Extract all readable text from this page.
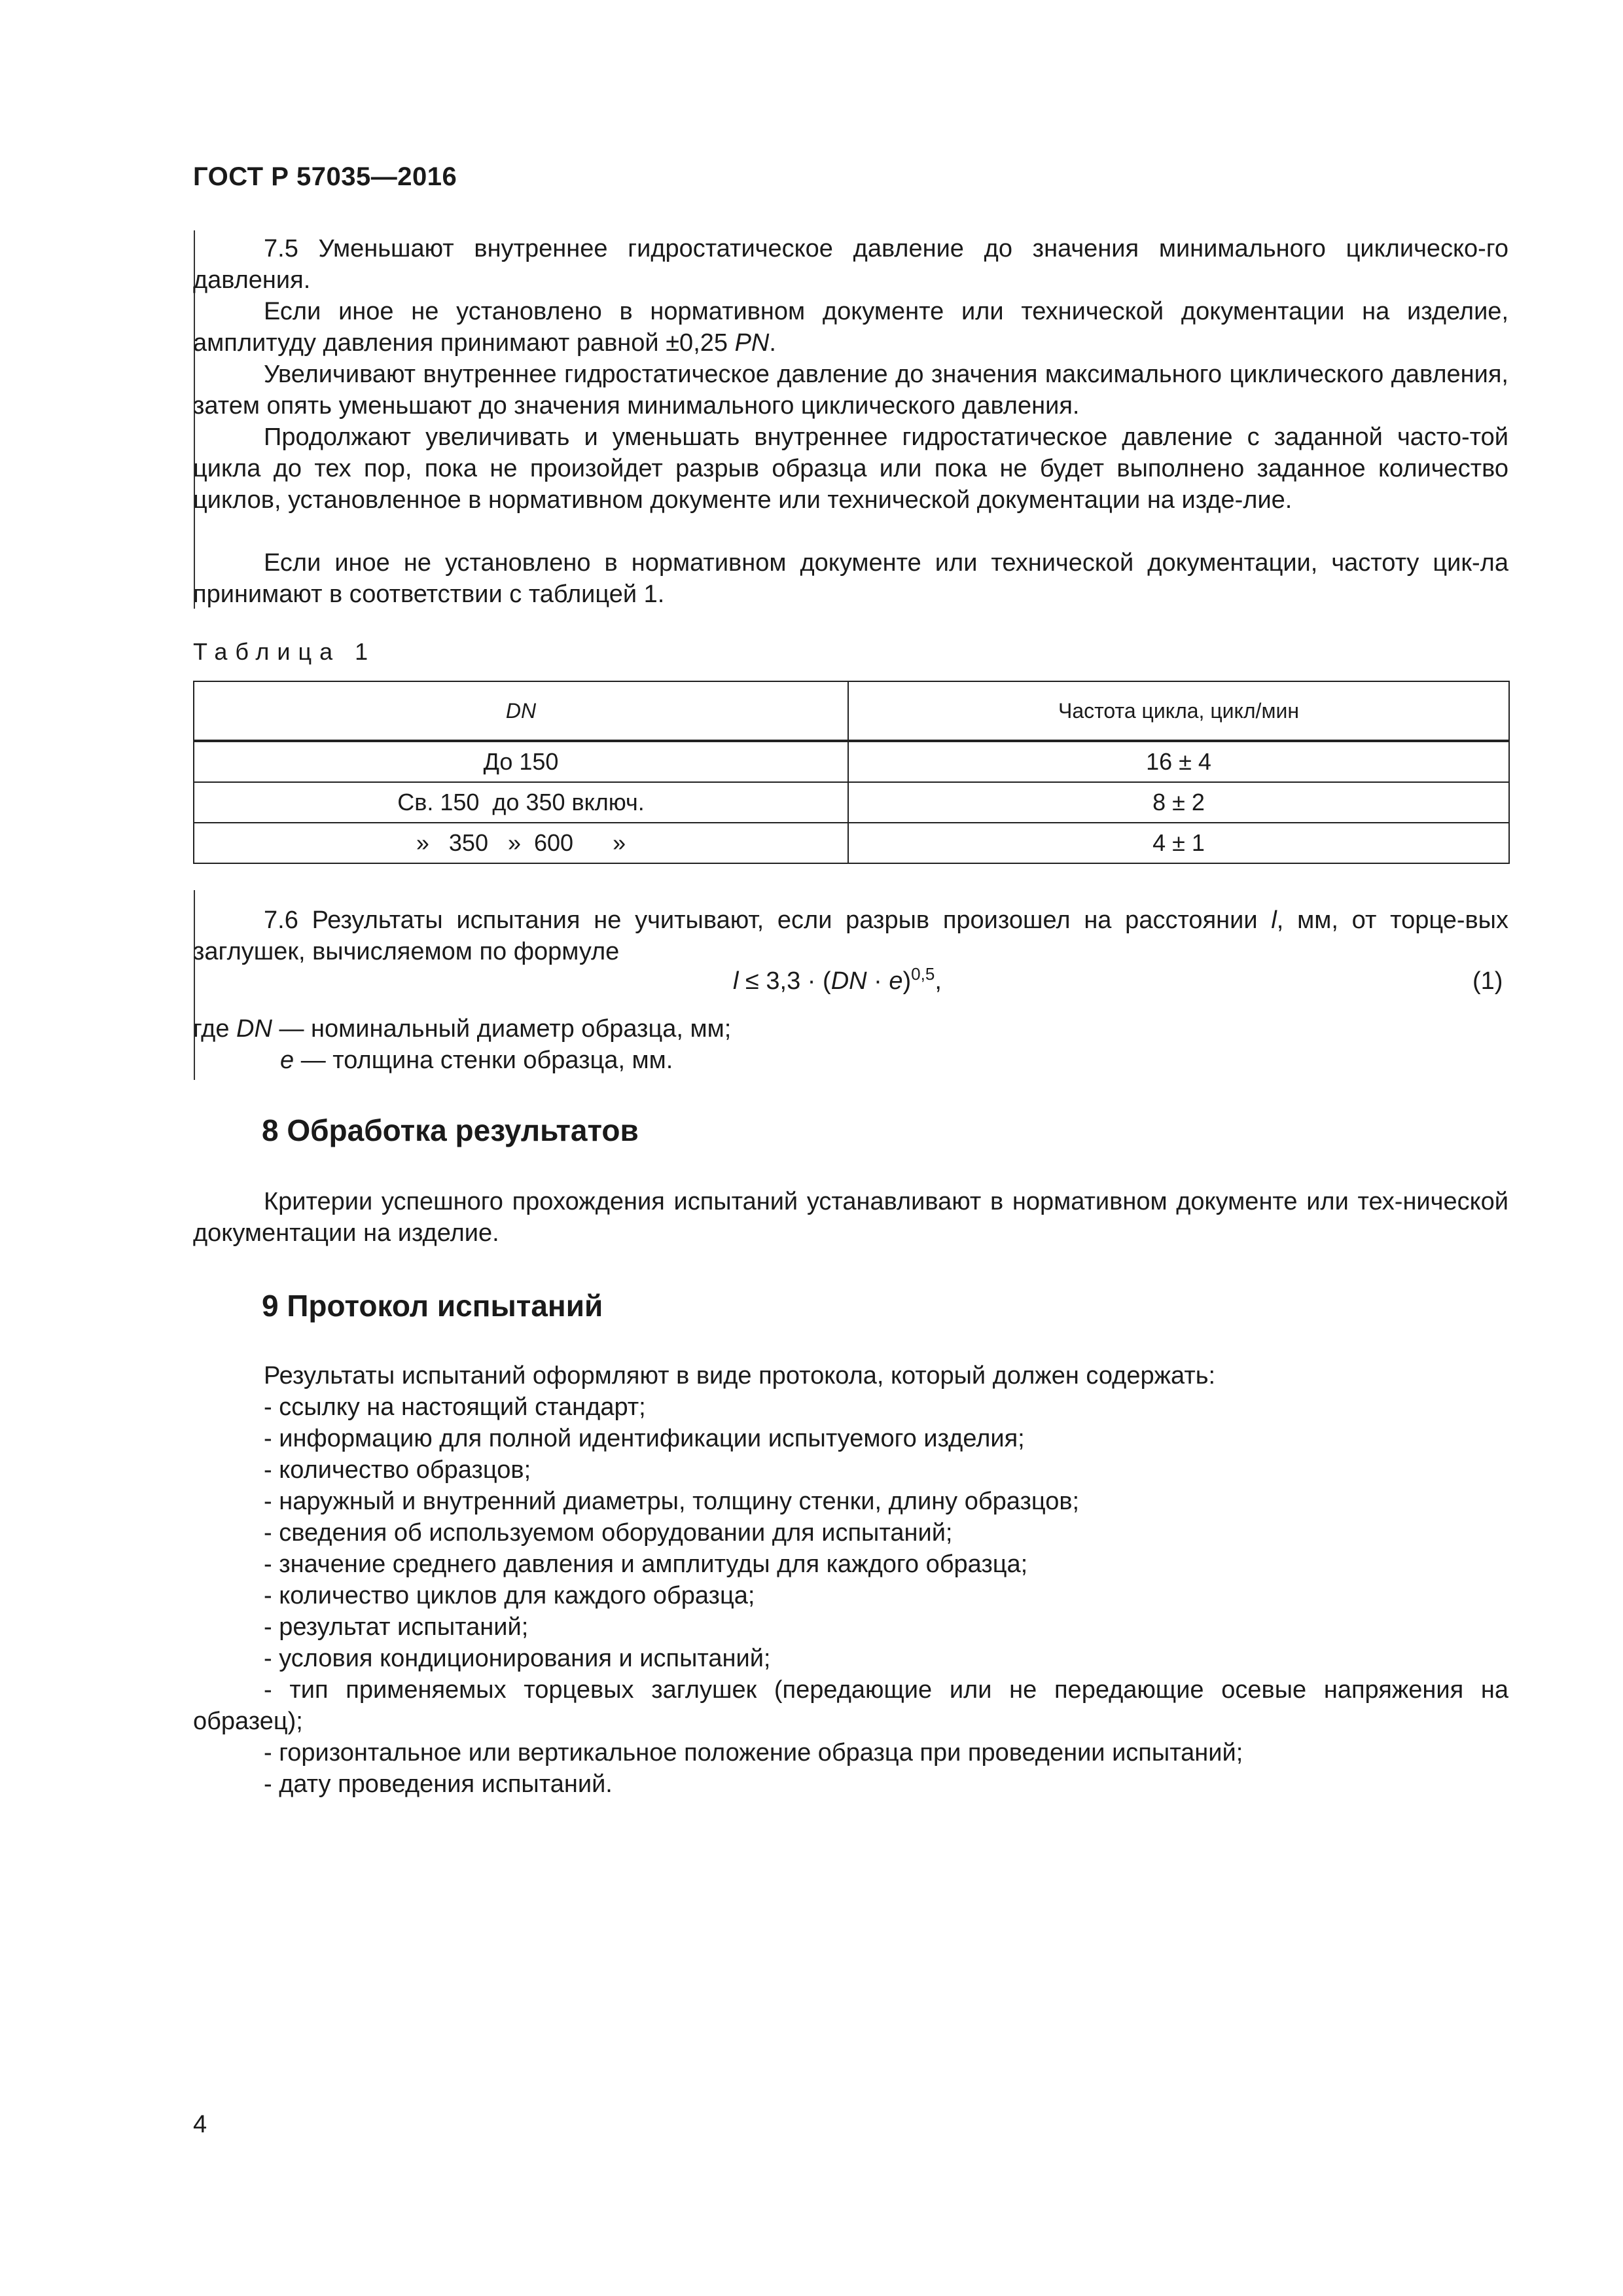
ГОСТ Р 57035—2016

7.5 Уменьшают внутреннее гидростатическое давление до значения минимального циклическо-го давления.

Если иное не установлено в нормативном документе или технической документации на изделие, амплитуду давления принимают равной ±0,25 PN.

Увеличивают внутреннее гидростатическое давление до значения максимального циклического давления, затем опять уменьшают до значения минимального циклического давления.

Продолжают увеличивать и уменьшать внутреннее гидростатическое давление с заданной часто-той цикла до тех пор, пока не произойдет разрыв образца или пока не будет выполнено заданное количество циклов, установленное в нормативном документе или технической документации на изде-лие.

Если иное не установлено в нормативном документе или технической документации, частоту цик-ла принимают в соответствии с таблицей 1.

Таблица 1
DN	Частота цикла, цикл/мин
До 150	16 ± 4
Св. 150  до 350 включ.	8 ± 2
»   350   »  600      »	4 ± 1

7.6 Результаты испытания не учитывают, если разрыв произошел на расстоянии l, мм, от торце-вых заглушек, вычисляемом по формуле

l ≤ 3,3 · (DN · e)$^{0,5}$,	(1)
где DN — номинальный диаметр образца, мм;
e — толщина стенки образца, мм.
8 Обработка результатов

Критерии успешного прохождения испытаний устанавливают в нормативном документе или тех-нической документации на изделие.

9 Протокол испытаний
Результаты испытаний оформляют в виде протокола, который должен содержать:
- ссылку на настоящий стандарт;
- информацию для полной идентификации испытуемого изделия;
- количество образцов;
- наружный и внутренний диаметры, толщину стенки, длину образцов;
- сведения об используемом оборудовании для испытаний;
- значение среднего давления и амплитуды для каждого образца;
- количество циклов для каждого образца;
- результат испытаний;
- условия кондиционирования и испытаний;
- тип применяемых торцевых заглушек (передающие или не передающие осевые напряжения на образец);
- горизонтальное или вертикальное положение образца при проведении испытаний;
- дату проведения испытаний.
4
